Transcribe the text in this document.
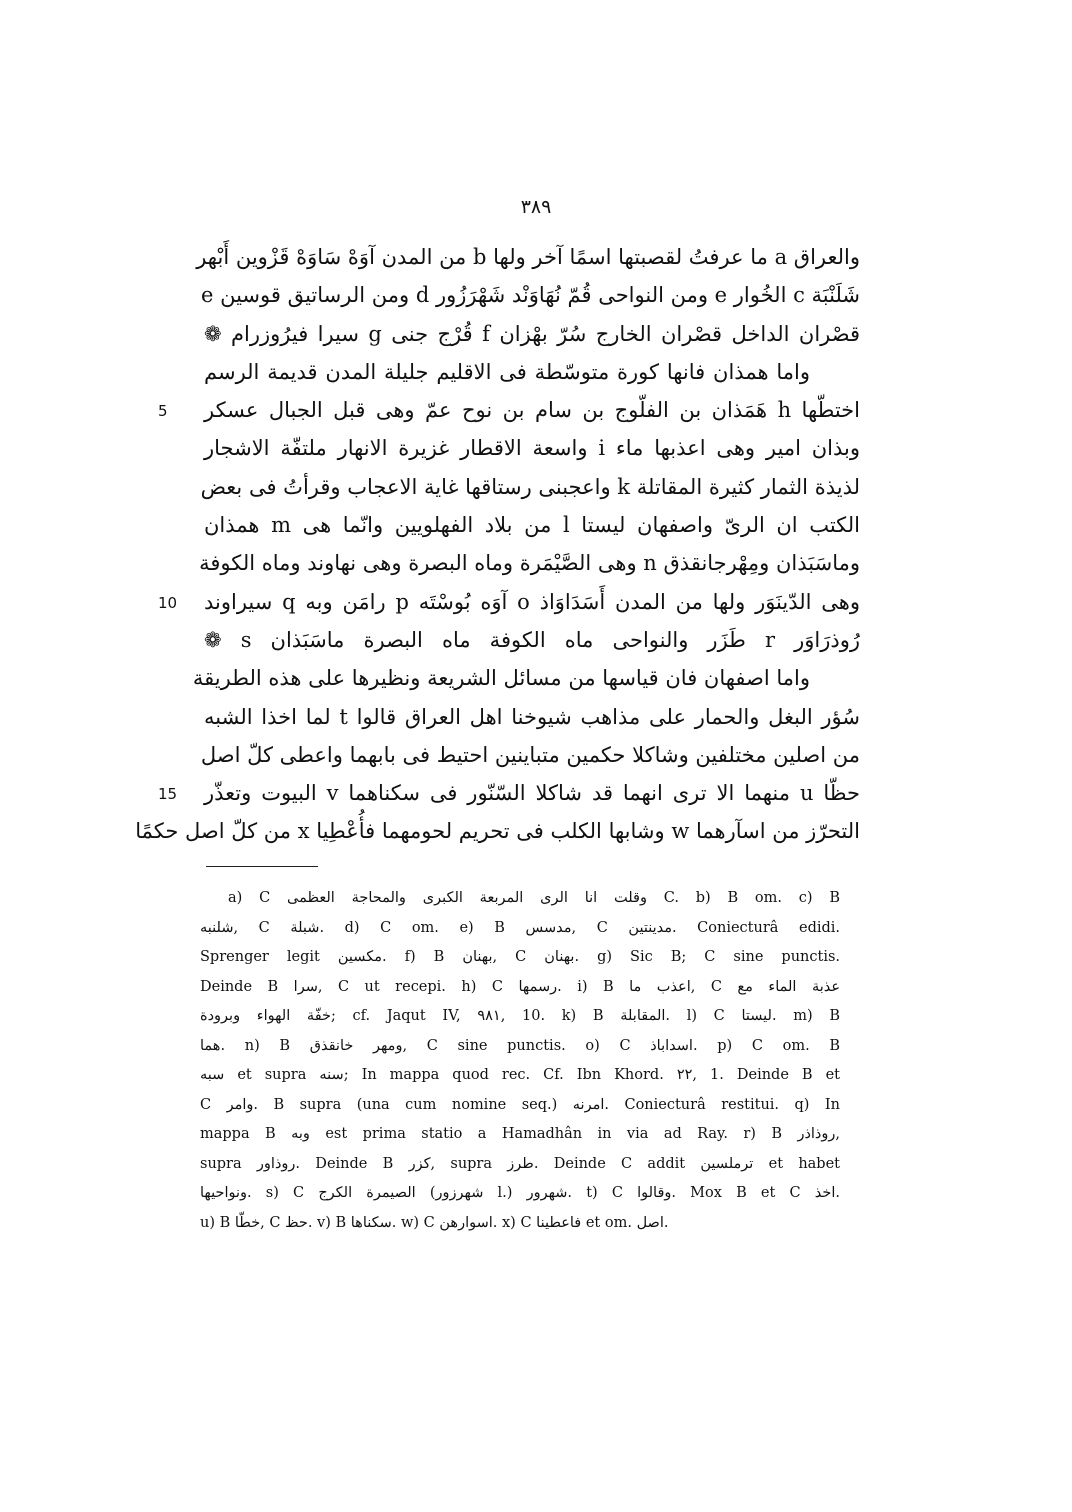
٣٨٩
والعراق a ما عرفتُ لقصبتها اسمًا آخر ولها b من المدن آوَهْ سَاوَهْ قَزْوين أَبْهر
شَلَنْبَة c الخُوار e ومن النواحى قُمّ نُهَاوَنْد شَهْرَزُور d ومن الرساتيق قوسين e
قصْران الداخل قصْران الخارج سُرّ بهْزان f قُرْج جنى g سيرا فيرُوزرام ❁
واما همذان فانها كورة متوسّطة فى الاقليم جليلة المدن قديمة الرسم
اختطّها h هَمَذان بن الفلّوج بن سام بن نوح عمّ وهى قبل الجبال عسكر
5
وبذان امير وهى اعذبها ماء i واسعة الاقطار غزيرة الانهار ملتفّة الاشجار
لذيذة الثمار كثيرة المقاتلة k واعجبنى رستاقها غاية الاعجاب وقرأتُ فى بعض
الكتب ان الرىّ واصفهان ليستا l من بلاد الفهلويين وانّما هى m همذان
وماسَبَذان ومِهْرجانقذق n وهى الصَّيْمَرة وماه البصرة وهى نهاوند وماه الكوفة
وهى الدّينَوَر ولها من المدن أَسَدَاوَاذ o آوَه بُوسْتَه p رامَن وبه q سيراوند
10
رُوذرَاوَر r طَزَر والنواحى ماه الكوفة ماه البصرة ماسَبَذان s ❁
واما اصفهان فان قياسها من مسائل الشريعة ونظيرها على هذه الطريقة
سُؤر البغل والحمار على مذاهب شيوخنا اهل العراق قالوا t لما اخذا الشبه
من اصلين مختلفين وشاكلا حكمين متباينين احتيط فى بابهما واعطى كلّ اصل
حظّا u منهما الا ترى انهما قد شاكلا السّنّور فى سكناهما v البيوت وتعذّر
15
التحرّز من اسآرهما w وشابها الكلب فى تحريم لحومهما فأُعْطِيا x من كلّ اصل حكمًا
a) C وقلت انا الرى المربعة الكبرى والمحاجة العظمى C. b) B om. c) B
شلنبه, C شبلة. d) C om. e) B مدسس, C مدينتين. Coniecturâ edidi.
Sprenger legit مكسين. f) B بهنان, C بهنان. g) Sic B; C sine punctis.
Deinde B سرا, C ut recepi. h) C رسمها. i) B اعذب ما, C عذبة الماء مع
خفّة الهواء وبرودة; cf. Jaqut IV, ٩٨١, 10. k) B المقابلة. l) C ليستا. m) B
هما. n) B ومهر خانقذق, C sine punctis. o) C اسداباذ. p) C om. B
سبه et supra سنه; In mappa quod rec. Cf. Ibn Khord. ٢٢, 1. Deinde B et
C وامر. B supra (una cum nomine seq.) امرنه. Coniecturâ restitui. q) In
mappa B وبه est prima statio a Hamadhân in via ad Ray. r) B روذاذر,
supra روذاور. Deinde B كزر, supra طرز. Deinde C addit ترملسين et habet
ونواحيها. s) C الصيمرة الكرج (شهرزور l.) شهرور. t) C وقالوا. Mox B et C اخذ.
u) B خطّا, C حظ. v) B سكناها. w) C اسوارهن. x) C فاعطينا et om. اصل.
